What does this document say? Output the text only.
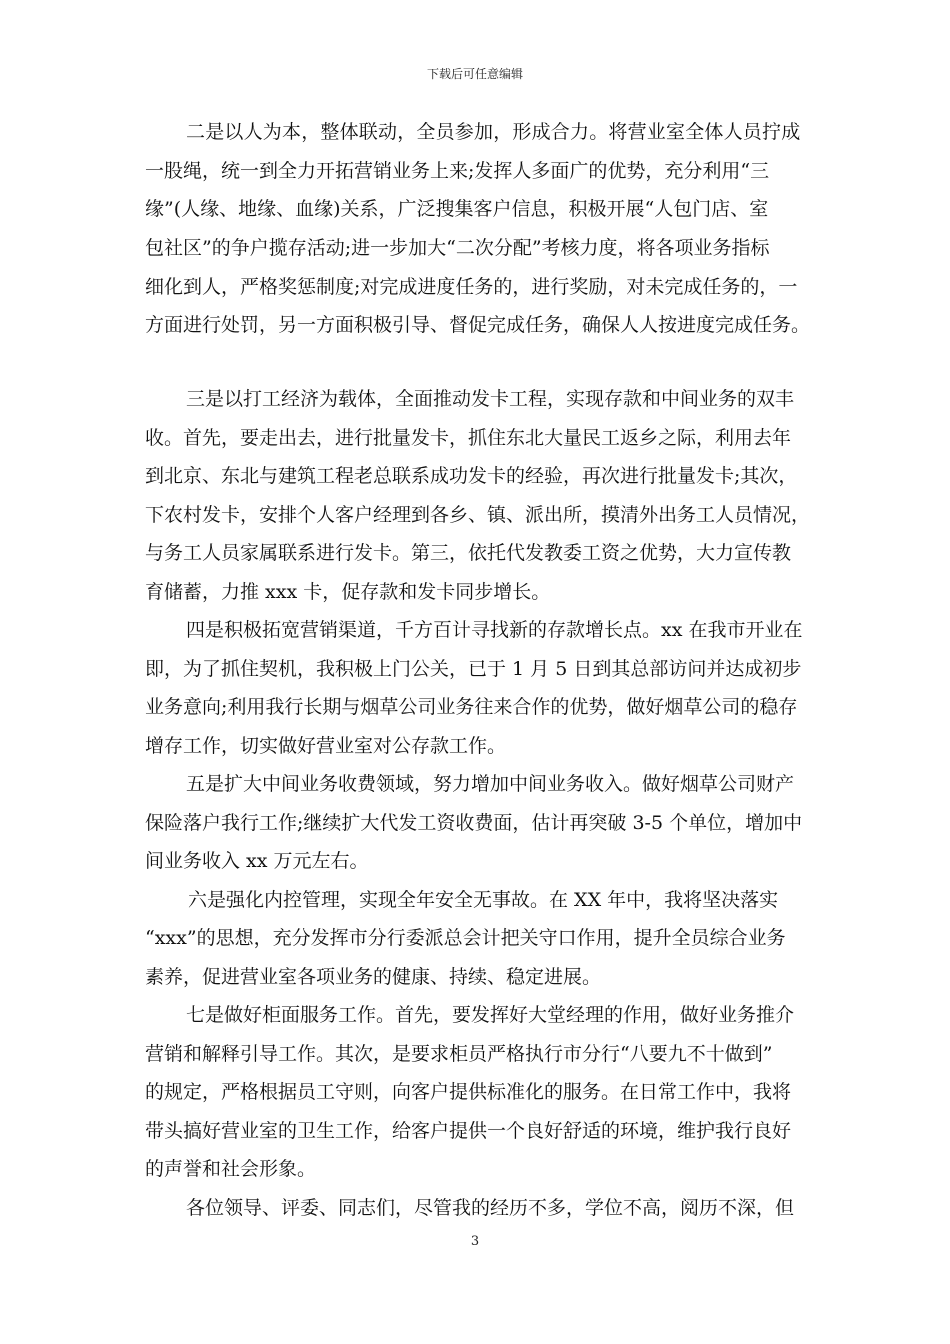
下载后可任意编辑
二是以人为本，整体联动，全员参加，形成合力。将营业室全体人员拧成
一股绳，统一到全力开拓营销业务上来;发挥人多面广的优势，充分利用“三
缘”(人缘、地缘、血缘)关系，广泛搜集客户信息，积极开展“人包门店、室
包社区”的争户揽存活动;进一步加大“二次分配”考核力度，将各项业务指标
细化到人，严格奖惩制度;对完成进度任务的，进行奖励，对未完成任务的，一
方面进行处罚，另一方面积极引导、督促完成任务，确保人人按进度完成任务。
三是以打工经济为载体，全面推动发卡工程，实现存款和中间业务的双丰
收。首先，要走出去，进行批量发卡，抓住东北大量民工返乡之际，利用去年
到北京、东北与建筑工程老总联系成功发卡的经验，再次进行批量发卡;其次，
下农村发卡，安排个人客户经理到各乡、镇、派出所，摸清外出务工人员情况，
与务工人员家属联系进行发卡。第三，依托代发教委工资之优势，大力宣传教
育储蓄，力推 xxx 卡，促存款和发卡同步增长。
四是积极拓宽营销渠道，千方百计寻找新的存款增长点。xx 在我市开业在
即，为了抓住契机，我积极上门公关，已于 1 月 5 日到其总部访问并达成初步
业务意向;利用我行长期与烟草公司业务往来合作的优势，做好烟草公司的稳存
增存工作，切实做好营业室对公存款工作。
五是扩大中间业务收费领域，努力增加中间业务收入。做好烟草公司财产
保险落户我行工作;继续扩大代发工资收费面，估计再突破 3-5 个单位，增加中
间业务收入 xx 万元左右。
六是强化内控管理，实现全年安全无事故。在 XX 年中，我将坚决落实
“xxx”的思想，充分发挥市分行委派总会计把关守口作用，提升全员综合业务
素养，促进营业室各项业务的健康、持续、稳定进展。
七是做好柜面服务工作。首先，要发挥好大堂经理的作用，做好业务推介
营销和解释引导工作。其次，是要求柜员严格执行市分行“八要九不十做到”
的规定，严格根据员工守则，向客户提供标准化的服务。在日常工作中，我将
带头搞好营业室的卫生工作，给客户提供一个良好舒适的环境，维护我行良好
的声誉和社会形象。
各位领导、评委、同志们，尽管我的经历不多，学位不高，阅历不深，但
3
